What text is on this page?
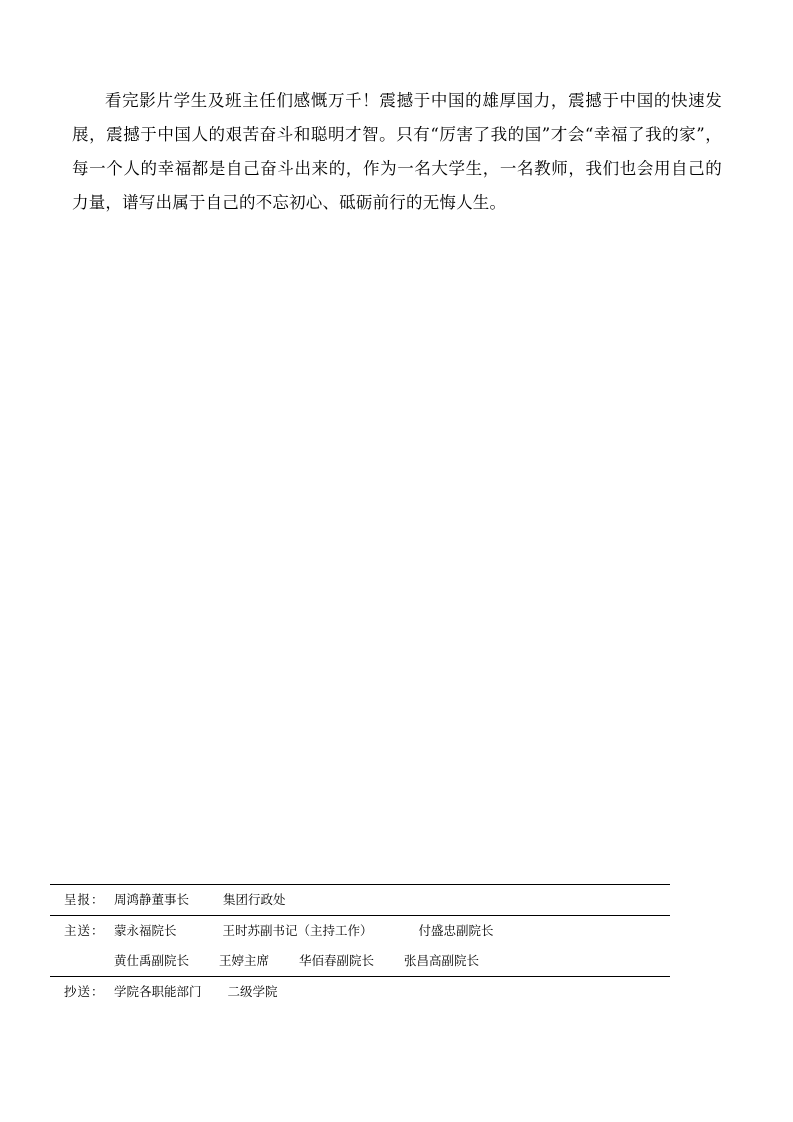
看完影片学生及班主任们感慨万千！震撼于中国的雄厚国力，震撼于中国的快速发展，震撼于中国人的艰苦奋斗和聪明才智。只有“厉害了我的国”才会“幸福了我的家”，每一个人的幸福都是自己奋斗出来的，作为一名大学生，一名教师，我们也会用自己的力量，谱写出属于自己的不忘初心、砥砺前行的无悔人生。
呈报： 周鸿静董事长	集团行政处
主送： 蒙永福院长	王时苏副书记（主持工作）	付盛忠副院长
黄仕禹副院长 王婷主席 华佰春副院长 张昌高副院长
抄送： 学院各职能部门 二级学院
